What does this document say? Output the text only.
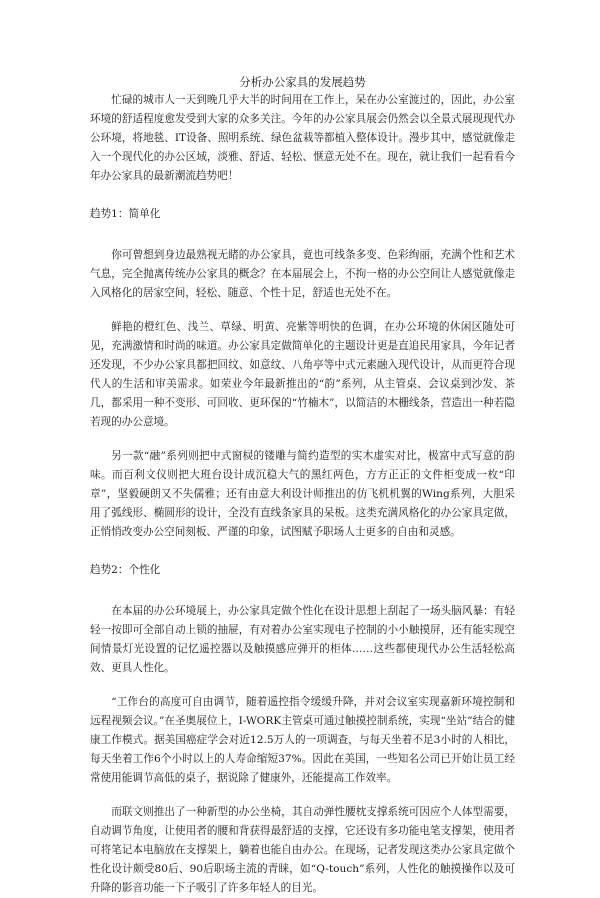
分析办公家具的发展趋势

忙碌的城市人一天到晚几乎大半的时间用在工作上，呆在办公室渡过的，因此，办公室环境的舒适程度愈发受到大家的众多关注。今年的办公家具展会仍然会以全景式展现现代办公环境，将地毯、IT设备、照明系统、绿色盆栽等都植入整体设计。漫步其中，感觉就像走入一个现代化的办公区域，淡雅、舒适、轻松、惬意无处不在。现在，就让我们一起看看今年办公家具的最新潮流趋势吧！

趋势1：简单化

你可曾想到身边最熟视无睹的办公家具，竟也可线条多变、色彩绚丽，充满个性和艺术气息，完全抛离传统办公家具的概念？在本届展会上，不拘一格的办公空间让人感觉就像走入风格化的居家空间，轻松、随意、个性十足，舒适也无处不在。

鲜艳的橙红色、浅兰、草绿、明黄、亮紫等明快的色调，在办公环境的休闲区随处可见，充满激情和时尚的味道。办公家具定做简单化的主题设计更是直追民用家具，今年记者还发现，不少办公家具都把回纹、如意纹、八角亭等中式元素融入现代设计，从而更符合现代人的生活和审美需求。如荣业今年最新推出的“韵”系列，从主管桌、会议桌到沙发、茶几，都采用一种不变形、可回收、更环保的“竹楠木”，以简洁的木栅线条，营造出一种若隐若现的办公意境。

另一款“融”系列则把中式窗棂的镂雕与简约造型的实木虚实对比，极富中式写意的韵味。而百利文仪则把大班台设计成沉稳大气的黑红两色，方方正正的文件柜变成一枚“印章”，坚毅硬朗又不失儒雅；还有由意大利设计师推出的仿飞机机翼的Wing系列，大胆采用了弧线形、椭圆形的设计，全没有直线条家具的呆板。这类充满风格化的办公家具定做，正悄悄改变办公空间刻板、严谨的印象，试图赋予职场人士更多的自由和灵感。

趋势2：个性化

在本届的办公环境展上，办公家具定做个性化在设计思想上刮起了一场头脑风暴：有轻轻一按即可全部自动上锁的抽屉，有对着办公室实现电子控制的小小触摸屏，还有能实现空间情景灯光设置的记忆遥控器以及触摸感应弹开的柜体……这些都使现代办公生活轻松高效、更具人性化。

“工作台的高度可自由调节，随着遥控指令缓缓升降，并对会议室实现嘉新环境控制和远程视频会议。”在圣奥展位上，I-WORK主管桌可通过触摸控制系统，实现“坐站”结合的健康工作模式。据美国癌症学会对近12.5万人的一项调查，与每天坐着不足3小时的人相比，每天坐着工作6个小时以上的人寿命缩短37%。因此在美国，一些知名公司已开始让员工经常使用能调节高低的桌子，据说除了健康外，还能提高工作效率。

而联文则推出了一种新型的办公坐椅，其自动弹性腰枕支撑系统可因应个人体型需要，自动调节角度，让使用者的腰和背获得最舒适的支撑，它还设有多功能电笔支撑架，使用者可将笔记本电脑放在支撑架上，躺着也能自由办公。在现场，记者发现这类办公家具定做个性化设计颇受80后、90后职场主流的青睐，如“Q-touch”系列，人性化的触摸操作以及可升降的影音功能一下子吸引了许多年轻人的目光。
